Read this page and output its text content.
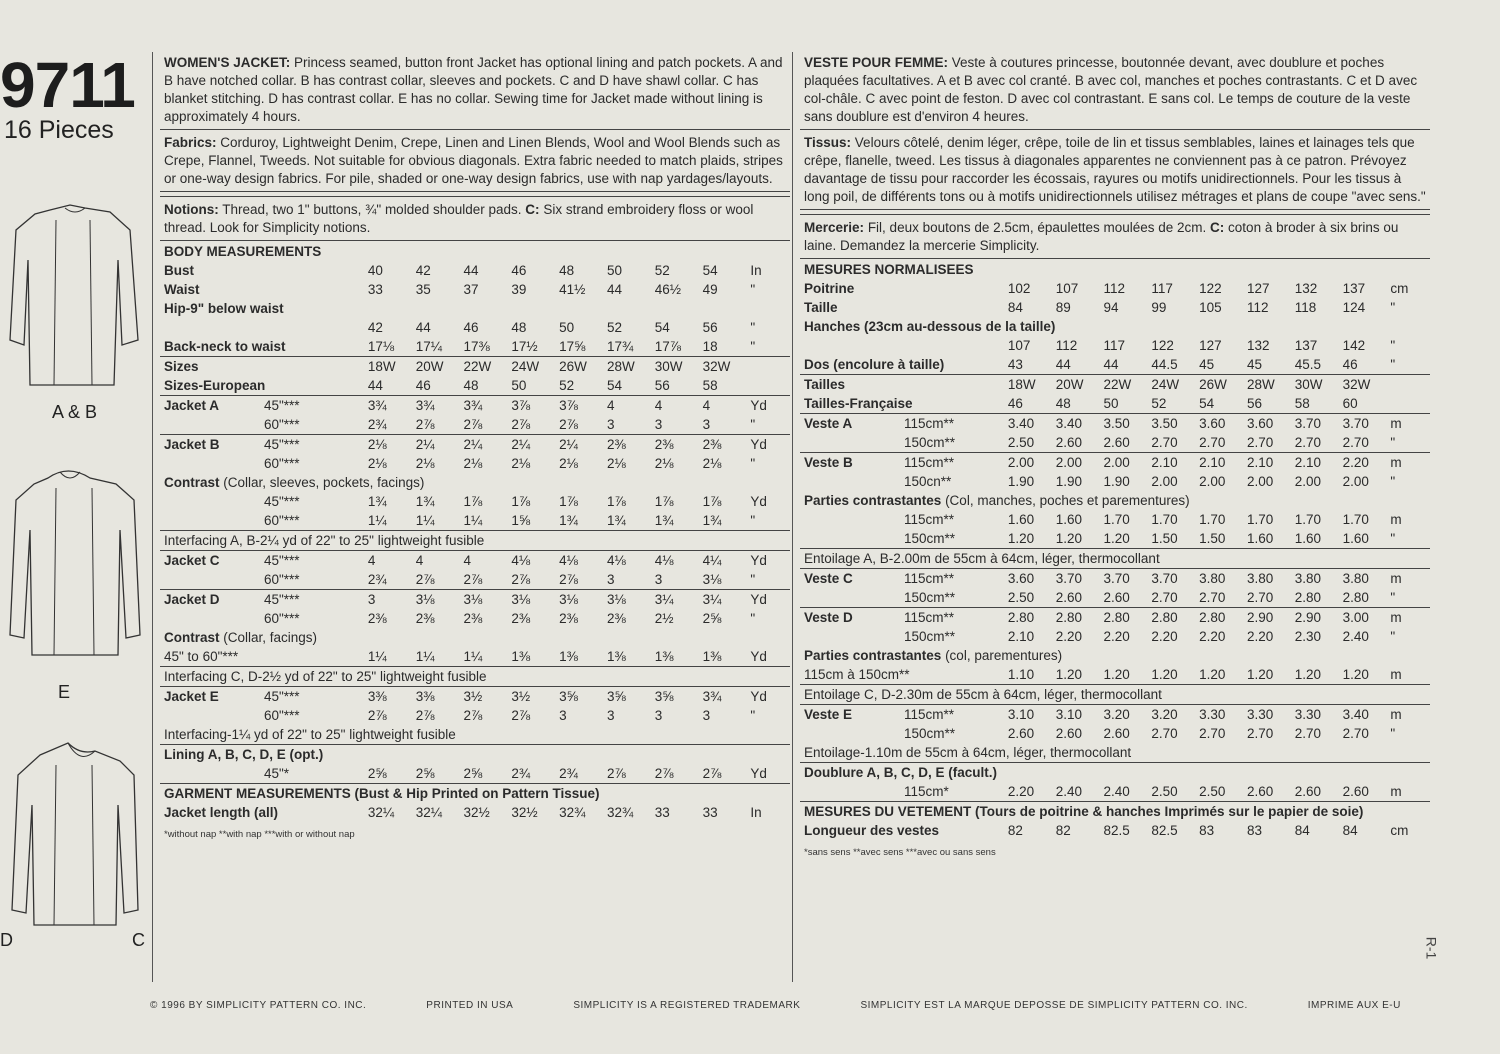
9711
16 Pieces
A & B
E
D	C
WOMEN'S JACKET: Princess seamed, button front Jacket has optional lining and patch pockets. A and B have notched collar. B has contrast collar, sleeves and pockets. C and D have shawl collar. C has blanket stitching. D has contrast collar. E has no collar. Sewing time for Jacket made without lining is approximately 4 hours.
Fabrics: Corduroy, Lightweight Denim, Crepe, Linen and Linen Blends, Wool and Wool Blends such as Crepe, Flannel, Tweeds. Not suitable for obvious diagonals. Extra fabric needed to match plaids, stripes or one-way design fabrics. For pile, shaded or one-way design fabrics, use with nap yardages/layouts.
Notions: Thread, two 1" buttons, ¾" molded shoulder pads. C: Six strand embroidery floss or wool thread. Look for Simplicity notions.
BODY MEASUREMENTS
Bust		40	42	44	46	48	50	52	54	In
Waist		33	35	37	39	41½	44	46½	49	"
Hip-9" below waist										
		42	44	46	48	50	52	54	56	"
Back-neck to waist		17⅛	17¼	17⅜	17½	17⅝	17¾	17⅞	18	"
Sizes		18W	20W	22W	24W	26W	28W	30W	32W	
Sizes-European		44	46	48	50	52	54	56	58	
Jacket A	45"***	3¾	3¾	3¾	3⅞	3⅞	4	4	4	Yd
	60"***	2¾	2⅞	2⅞	2⅞	2⅞	3	3	3	"
Jacket B	45"***	2⅛	2¼	2¼	2¼	2¼	2⅜	2⅜	2⅜	Yd
	60"***	2⅛	2⅛	2⅛	2⅛	2⅛	2⅛	2⅛	2⅛	"
Contrast (Collar, sleeves, pockets, facings)										
	45"***	1¾	1¾	1⅞	1⅞	1⅞	1⅞	1⅞	1⅞	Yd
	60"***	1¼	1¼	1¼	1⅝	1¾	1¾	1¾	1¾	"
Interfacing A, B-2¼ yd of 22" to 25" lightweight fusible										
Jacket C	45"***	4	4	4	4⅛	4⅛	4⅛	4⅛	4¼	Yd
	60"***	2¾	2⅞	2⅞	2⅞	2⅞	3	3	3⅛	"
Jacket D	45"***	3	3⅛	3⅛	3⅛	3⅛	3⅛	3¼	3¼	Yd
	60"***	2⅜	2⅜	2⅜	2⅜	2⅜	2⅜	2½	2⅝	"
Contrast (Collar, facings)										
45" to 60"***		1¼	1¼	1¼	1⅜	1⅜	1⅜	1⅜	1⅜	Yd
Interfacing C, D-2½ yd of 22" to 25" lightweight fusible										
Jacket E	45"***	3⅜	3⅜	3½	3½	3⅝	3⅝	3⅝	3¾	Yd
	60"***	2⅞	2⅞	2⅞	2⅞	3	3	3	3	"
Interfacing-1¼ yd of 22" to 25" lightweight fusible										
Lining A, B, C, D, E (opt.)										
	45"*	2⅝	2⅝	2⅝	2¾	2¾	2⅞	2⅞	2⅞	Yd
GARMENT MEASUREMENTS (Bust & Hip Printed on Pattern Tissue)										
Jacket length (all)		32¼	32¼	32½	32½	32¾	32¾	33	33	In
*without nap **with nap ***with or without nap
VESTE POUR FEMME: Veste à coutures princesse, boutonnée devant, avec doublure et poches plaquées facultatives. A et B avec col cranté. B avec col, manches et poches contrastants. C et D avec col-châle. C avec point de feston. D avec col contrastant. E sans col. Le temps de couture de la veste sans doublure est d'environ 4 heures.
Tissus: Velours côtelé, denim léger, crêpe, toile de lin et tissus semblables, laines et lainages tels que crêpe, flanelle, tweed. Les tissus à diagonales apparentes ne conviennent pas à ce patron. Prévoyez davantage de tissu pour raccorder les écossais, rayures ou motifs unidirectionnels. Pour les tissus à long poil, de différents tons ou à motifs unidirectionnels utilisez métrages et plans de coupe "avec sens."
Mercerie: Fil, deux boutons de 2.5cm, épaulettes moulées de 2cm. C: coton à broder à six brins ou laine. Demandez la mercerie Simplicity.
MESURES NORMALISEES
Poitrine		102	107	112	117	122	127	132	137	cm
Taille		84	89	94	99	105	112	118	124	"
Hanches (23cm au-dessous de la taille)										
		107	112	117	122	127	132	137	142	"
Dos (encolure à taille)		43	44	44	44.5	45	45	45.5	46	"
Tailles		18W	20W	22W	24W	26W	28W	30W	32W	
Tailles-Française		46	48	50	52	54	56	58	60	
Veste A	115cm**	3.40	3.40	3.50	3.50	3.60	3.60	3.70	3.70	m
	150cm**	2.50	2.60	2.60	2.70	2.70	2.70	2.70	2.70	"
Veste B	115cm**	2.00	2.00	2.00	2.10	2.10	2.10	2.10	2.20	m
	150cn**	1.90	1.90	1.90	2.00	2.00	2.00	2.00	2.00	"
Parties contrastantes (Col, manches, poches et parementures)										
	115cm**	1.60	1.60	1.70	1.70	1.70	1.70	1.70	1.70	m
	150cm**	1.20	1.20	1.20	1.50	1.50	1.60	1.60	1.60	"
Entoilage A, B-2.00m de 55cm à 64cm, léger, thermocollant										
Veste C	115cm**	3.60	3.70	3.70	3.70	3.80	3.80	3.80	3.80	m
	150cm**	2.50	2.60	2.60	2.70	2.70	2.70	2.80	2.80	"
Veste D	115cm**	2.80	2.80	2.80	2.80	2.80	2.90	2.90	3.00	m
	150cm**	2.10	2.20	2.20	2.20	2.20	2.20	2.30	2.40	"
Parties contrastantes (col, parementures)										
115cm à 150cm**		1.10	1.20	1.20	1.20	1.20	1.20	1.20	1.20	m
Entoilage C, D-2.30m de 55cm à 64cm, léger, thermocollant										
Veste E	115cm**	3.10	3.10	3.20	3.20	3.30	3.30	3.30	3.40	m
	150cm**	2.60	2.60	2.60	2.70	2.70	2.70	2.70	2.70	"
Entoilage-1.10m de 55cm à 64cm, léger, thermocollant										
Doublure A, B, C, D, E (facult.)										
	115cm*	2.20	2.40	2.40	2.50	2.50	2.60	2.60	2.60	m
MESURES DU VETEMENT (Tours de poitrine & hanches Imprimés sur le papier de soie)										
Longueur des vestes		82	82	82.5	82.5	83	83	84	84	cm
*sans sens **avec sens ***avec ou sans sens
R-1
© 1996 BY SIMPLICITY PATTERN CO. INC.	PRINTED IN USA	SIMPLICITY IS A REGISTERED TRADEMARK	SIMPLICITY EST LA MARQUE DEPOSSE DE SIMPLICITY PATTERN CO. INC.	IMPRIME AUX E-U
